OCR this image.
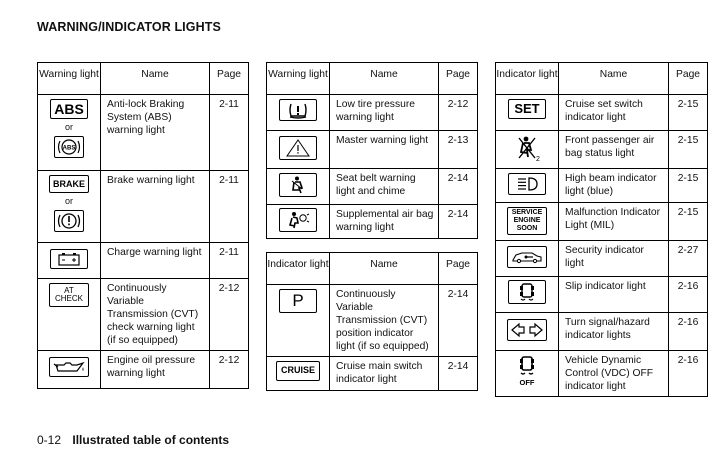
WARNING/INDICATOR LIGHTS
Warning light	Name	Page
ABS
or
ABS	Anti-lock Braking System (ABS) warning light	2-11
BRAKE
or	Brake warning light	2-11

	Charge warning light	2-11

AT
CHECK	Continuously Variable Transmission (CVT) check warning light (if so equipped)	2-12

	Engine oil pressure warning light	2-12
Warning light	Name	Page

	Low tire pressure warning light	2-12

	Master warning light	2-13

	Seat belt warning light and chime	2-14

	Supplemental air bag warning light	2-14
Indicator light	Name	Page
P	Continuously Variable Transmission (CVT) position indicator light (if so equipped)	2-14
CRUISE	Cruise main switch indicator light	2-14
Indicator light	Name	Page
SET	Cruise set switch indicator light	2-15

2	Front passenger air bag status light	2-15

	High beam indicator light (blue)	2-15

SERVICE
ENGINE
SOON	Malfunction Indicator Light (MIL)	2-15

	Security indicator light	2-27

	Slip indicator light	2-16

	Turn signal/hazard indicator lights	2-16

OFF	Vehicle Dynamic Control (VDC) OFF indicator light	2-16
0-12 Illustrated table of contents
